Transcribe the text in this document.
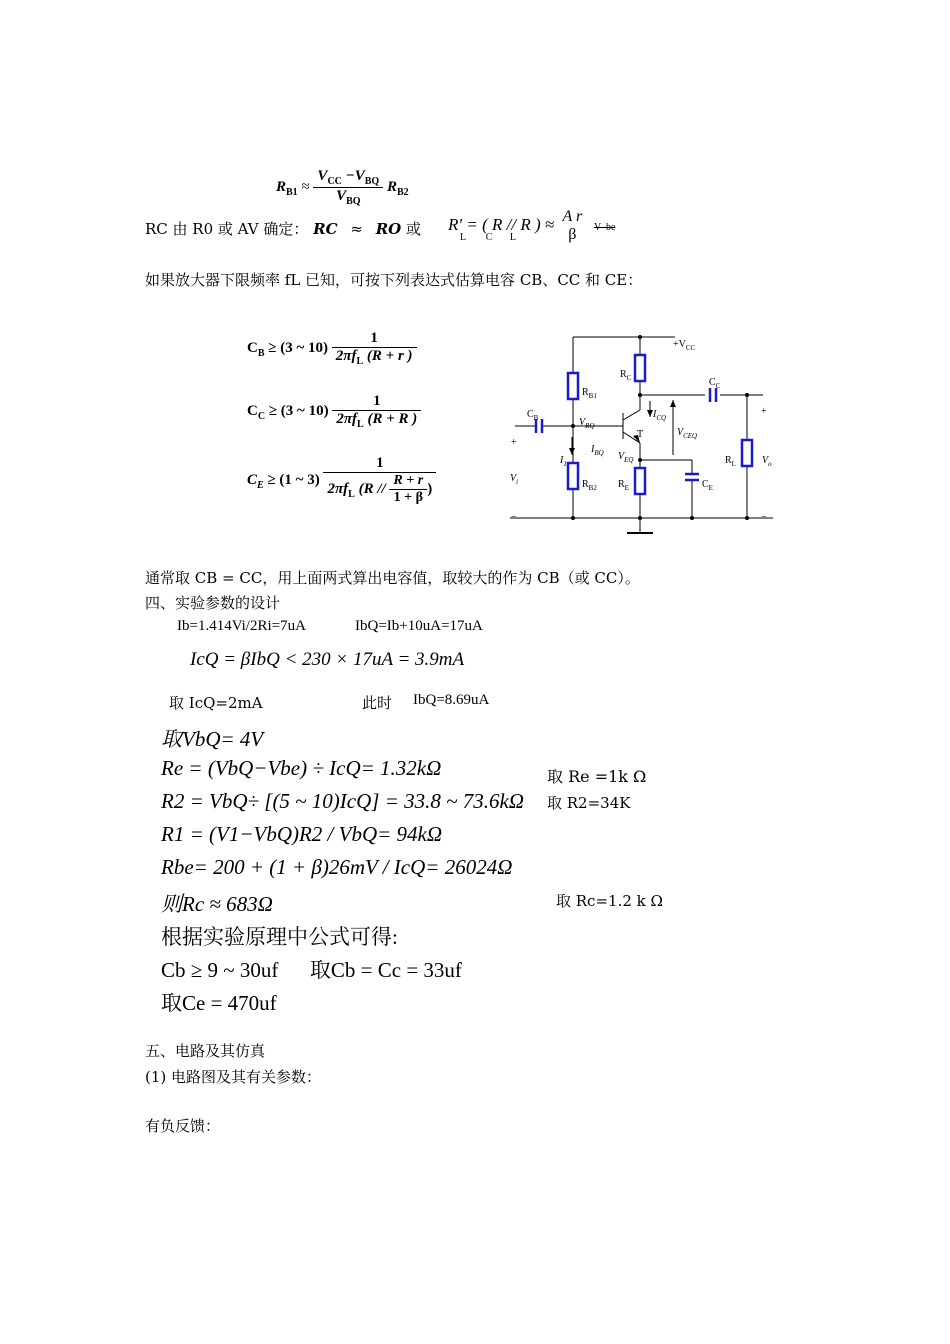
$R_{B1} \approx \frac{V_{CC} -V_{BQ}}{V_{BQ}} R_{B2}$
RC 由 R0 或 AV 确定： RC ≈ RO 或 R′ = ( R // R ) ≈ A r
β
L        C       L
V  be
如果放大器下限频率 fL 已知，可按下列表达式估算电容 CB、CC 和 CE：
$C_B \ge (3$ ~ $10) \frac{1}{2\pi f_L (R + r )}$
$C_C \ge (3$ ~ $10) \frac{1}{2\pi f_L (R + R )}$
$C_E \ge (1$ ~ $3) \frac{1}{2\pi f_L (R // \frac{R + r}{1 + \beta} )}$
$+V_{CC}$
$R_C$
$R_{B1}$
$C_C$
$C_B$	$V_{BQ}$
$I_{CQ}$
T	$V_{CEQ}$
$I_{BQ}$
$I_1$
$V_{EQ}$	$R_L$	$V_o$
$V_i$	$R_{B2}$ $R_E$	$C_E$
+
+
−	−
通常取 CB = CC，用上面两式算出电容值，取较大的作为 CB（或 CC）。
四、实验参数的设计
Ib=1.414Vi/2Ri=7uA	IbQ=Ib+10uA=17uA
IcQ = βIbQ < 230 × 17uA = 3.9mA
取 IcQ=2mA	此时 IbQ=8.69uA
取VbQ= 4V
Re = (VbQ−Vbe) ÷ IcQ= 1.32kΩ
R2 = VbQ÷ [(5 ~ 10)IcQ] = 33.8 ~ 73.6kΩ
R1 = (V1−VbQ)R2 / VbQ= 94kΩ
Rbe= 200 + (1 + β)26mV / IcQ= 26024Ω
则Rc ≈ 683Ω
根据实验原理中公式可得:
Cb ≥ 9 ~ 30uf      取Cb = Cc = 33uf
取Ce = 470uf
取 Re =1k Ω
取 R2=34K
取 Rc=1.2 k Ω
五、电路及其仿真
(1) 电路图及其有关参数：
有负反馈：
